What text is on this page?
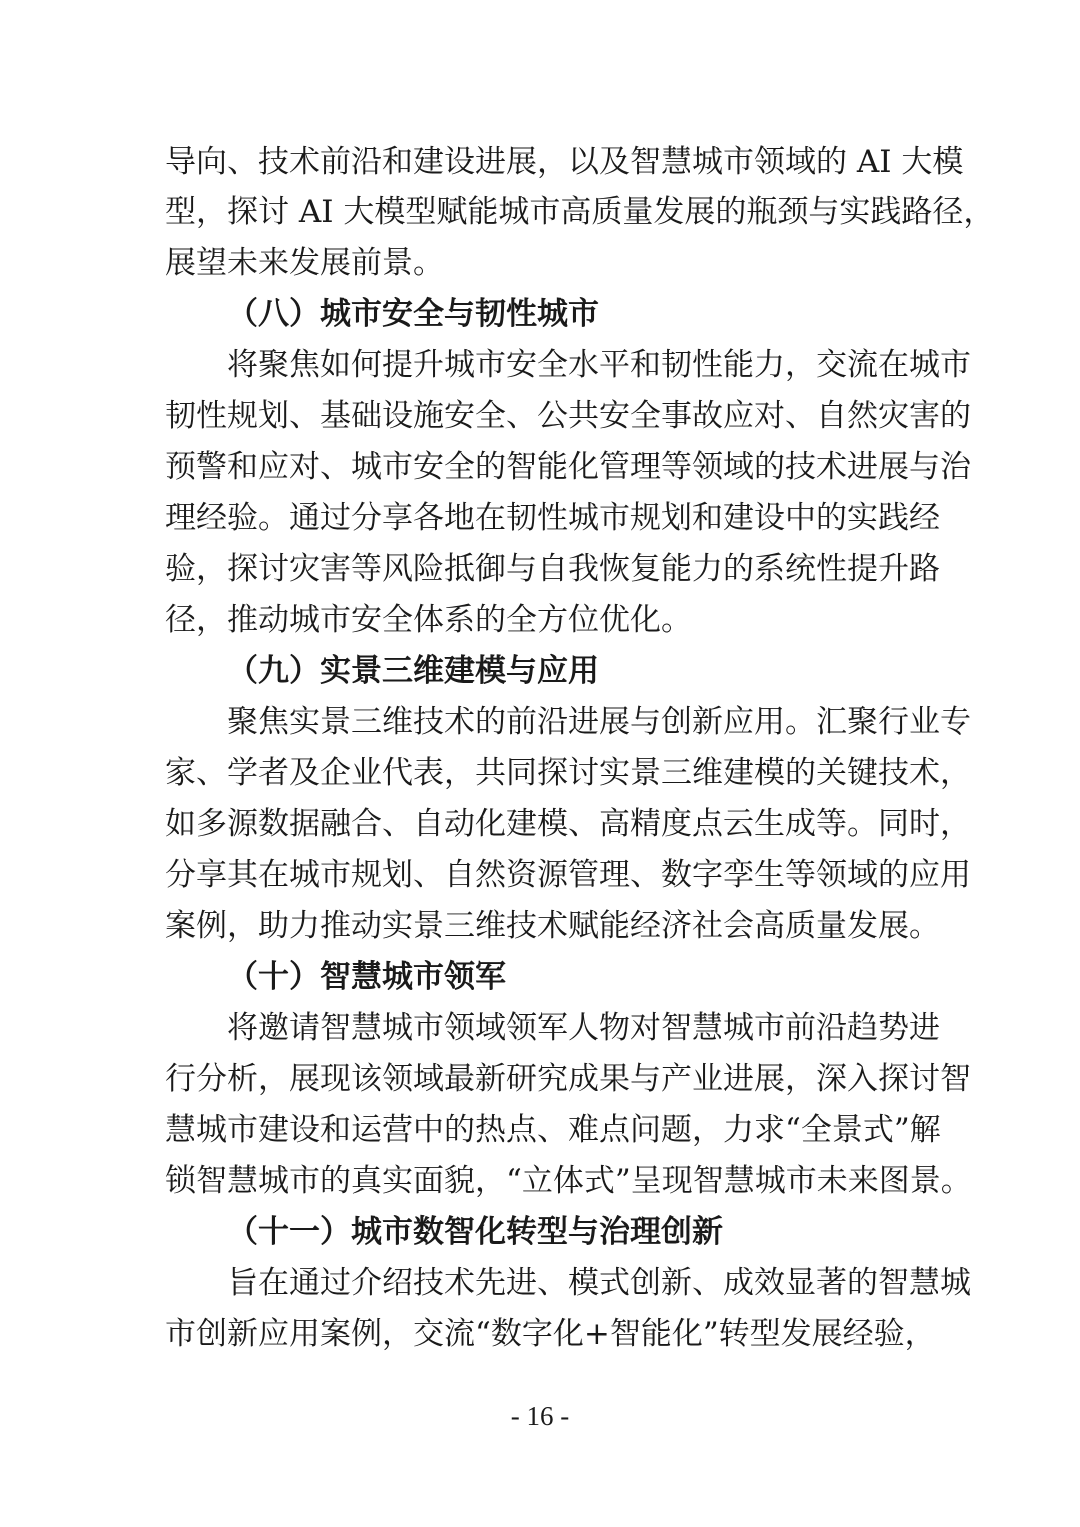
导向、技术前沿和建设进展，以及智慧城市领域的 AI 大模
型，探讨 AI 大模型赋能城市高质量发展的瓶颈与实践路径，
展望未来发展前景。
（八）城市安全与韧性城市
将聚焦如何提升城市安全水平和韧性能力，交流在城市
韧性规划、基础设施安全、公共安全事故应对、自然灾害的
预警和应对、城市安全的智能化管理等领域的技术进展与治
理经验。通过分享各地在韧性城市规划和建设中的实践经
验，探讨灾害等风险抵御与自我恢复能力的系统性提升路
径，推动城市安全体系的全方位优化。
（九）实景三维建模与应用
聚焦实景三维技术的前沿进展与创新应用。汇聚行业专
家、学者及企业代表，共同探讨实景三维建模的关键技术，
如多源数据融合、自动化建模、高精度点云生成等。同时，
分享其在城市规划、自然资源管理、数字孪生等领域的应用
案例，助力推动实景三维技术赋能经济社会高质量发展。
（十）智慧城市领军
将邀请智慧城市领域领军人物对智慧城市前沿趋势进
行分析，展现该领域最新研究成果与产业进展，深入探讨智
慧城市建设和运营中的热点、难点问题，力求“全景式”解
锁智慧城市的真实面貌，“立体式”呈现智慧城市未来图景。
（十一）城市数智化转型与治理创新
旨在通过介绍技术先进、模式创新、成效显著的智慧城
市创新应用案例，交流“数字化+智能化”转型发展经验，
- 16 -
